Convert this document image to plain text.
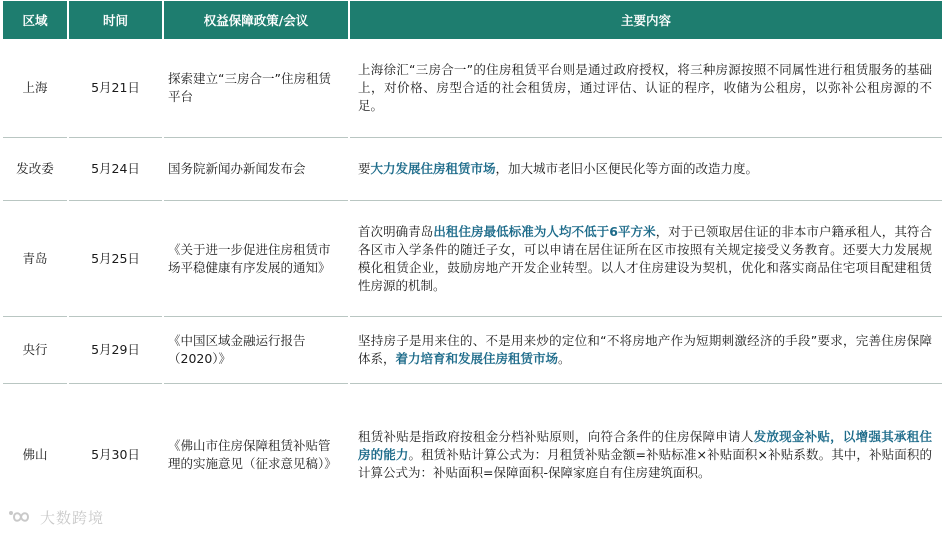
区域	时间	权益保障政策/会议	主要内容
上海	5月21日	探索建立“三房合一”住房租赁平台	上海徐汇“三房合一”的住房租赁平台则是通过政府授权，将三种房源按照不同属性进行租赁服务的基础上，对价格、房型合适的社会租赁房，通过评估、认证的程序，收储为公租房，以弥补公租房源的不足。
发改委	5月24日	国务院新闻办新闻发布会	要大力发展住房租赁市场，加大城市老旧小区便民化等方面的改造力度。
青岛	5月25日	《关于进一步促进住房租赁市场平稳健康有序发展的通知》	首次明确青岛出租住房最低标准为人均不低于6平方米，对于已领取居住证的非本市户籍承租人，其符合各区市入学条件的随迁子女，可以申请在居住证所在区市按照有关规定接受义务教育。还要大力发展规模化租赁企业，鼓励房地产开发企业转型。以人才住房建设为契机，优化和落实商品住宅项目配建租赁性房源的机制。
央行	5月29日	《中国区域金融运行报告（2020）》	坚持房子是用来住的、不是用来炒的定位和“不将房地产作为短期刺激经济的手段”要求，完善住房保障体系，着力培育和发展住房租赁市场。
佛山	5月30日	《佛山市住房保障租赁补贴管理的实施意见（征求意见稿）》	租赁补贴是指政府按租金分档补贴原则，向符合条件的住房保障申请人发放现金补贴，以增强其承租住房的能力。租赁补贴计算公式为：月租赁补贴金额=补贴标准×补贴面积×补贴系数。其中，补贴面积的计算公式为：补贴面积=保障面积-保障家庭自有住房建筑面积。
大数跨境
